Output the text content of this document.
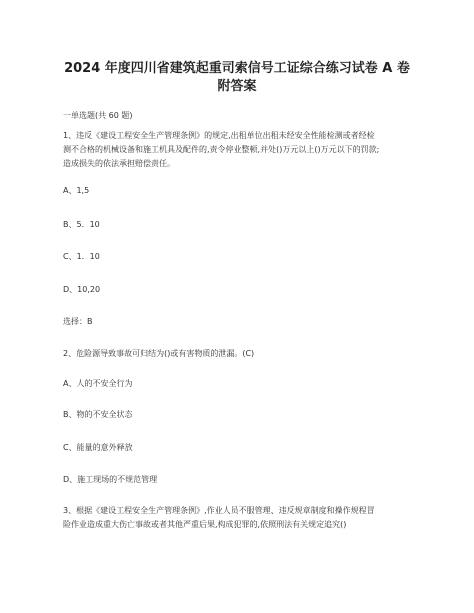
2024 年度四川省建筑起重司索信号工证综合练习试卷 A 卷
附答案
一单选题(共 60 题)
1、违反《建设工程安全生产管理条例》的规定,出租单位出租未经安全性能检测或者经检
测不合格的机械设备和施工机具及配件的,责令停业整顿,并处()万元以上()万元以下的罚款;
造成损失的依法承担赔偿责任。
A、1,5
B、5．10
C、1．10
D、10,20
选择：B
2、危险源导致事故可归结为()或有害物质的泄漏。(C)
A、人的不安全行为
B、物的不安全状态
C、能量的意外释放
D、施工现场的不规范管理
3、根据《建设工程安全生产管理条例》,作业人员不服管理、违反规章制度和操作规程冒
险作业造成重大伤亡事故或者其他严重后果,构成犯罪的,依照刑法有关规定追究()
